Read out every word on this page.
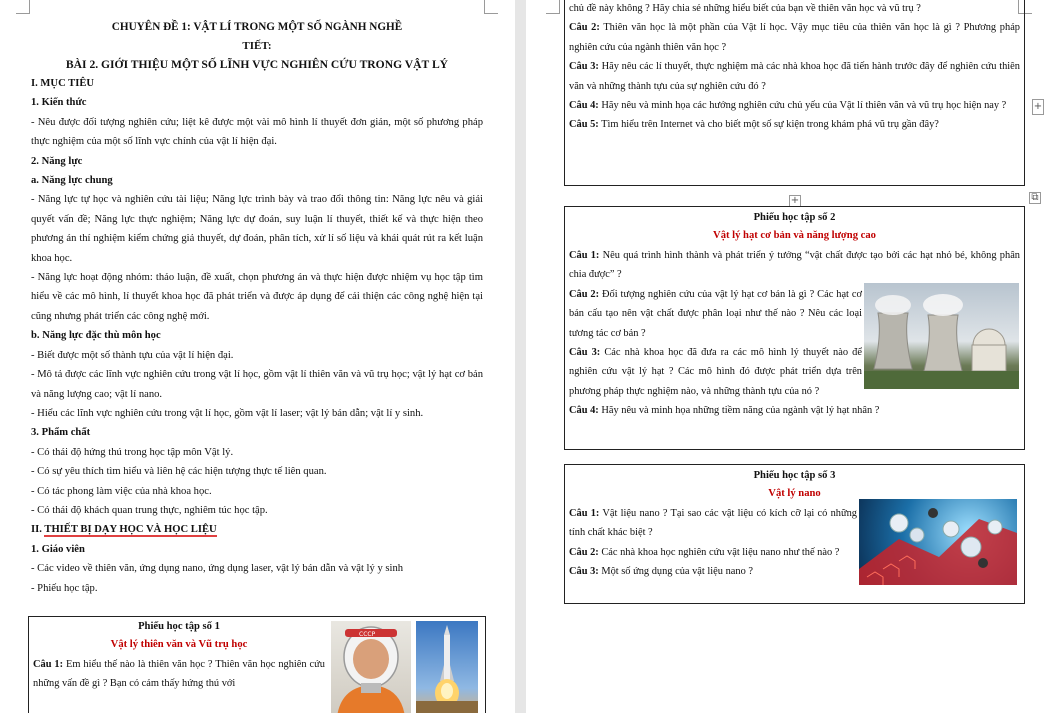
CHUYÊN ĐỀ 1: VẬT LÍ TRONG MỘT SỐ NGÀNH NGHỀ
TIẾT:
BÀI 2. GIỚI THIỆU MỘT SỐ LĨNH VỰC NGHIÊN CỨU TRONG VẬT LÝ
I. MỤC TIÊU
1. Kiến thức
- Nêu được đối tượng nghiên cứu; liệt kê được một vài mô hình lí thuyết đơn giản, một số phương pháp thực nghiệm của một số lĩnh vực chính của vật lí hiện đại.
2. Năng lực
a. Năng lực chung
- Năng lực tự học và nghiên cứu tài liệu; Năng lực trình bày và trao đổi thông tin: Năng lực nêu và giải quyết vấn đề; Năng lực thực nghiệm; Năng lực dự đoán, suy luận lí thuyết, thiết kế và thực hiện theo phương án thí nghiệm kiểm chứng giả thuyết, dự đoán, phân tích, xử lí số liệu và khái quát rút ra kết luận khoa học.
- Năng lực hoạt động nhóm: thảo luận, đề xuất, chọn phương án và thực hiện được nhiệm vụ học tập tìm hiểu về các mô hình, lí thuyết khoa học đã phát triển và được áp dụng để cải thiện các công nghệ hiện tại cũng nhưng phát triển các công nghệ mới.
b. Năng lực đặc thù môn học
- Biết được một số thành tựu của vật lí hiện đại.
- Mô tả được các lĩnh vực nghiên cứu trong vật lí học, gồm vật lí thiên văn và vũ trụ học; vật lý hạt cơ bản và năng lượng cao; vật lí nano.
- Hiểu các lĩnh vực nghiên cứu trong vật lí học, gồm vật lí laser; vật lý bán dẫn; vật lí y sinh.
3. Phẩm chất
- Có thái độ hứng thú trong học tập môn Vật lý.
- Có sự yêu thích tìm hiểu và liên hệ các hiện tượng thực tế liên quan.
- Có tác phong làm việc của nhà khoa học.
- Có thái độ khách quan trung thực, nghiêm túc học tập.
II. THIẾT BỊ DẠY HỌC VÀ HỌC LIỆU
1. Giáo viên
- Các video về thiên văn, ứng dụng nano, ứng dụng laser, vật lý bán dẫn và vật lý y sinh
- Phiếu học tập.
Phiếu học tập số 1
Vật lý thiên văn và Vũ trụ học
Câu 1: Em hiểu thế nào là thiên văn học ? Thiên văn học nghiên cứu những vấn đề gì ? Bạn có cảm thấy hứng thú với
CCCP
chủ đề này không ? Hãy chia sẻ những hiểu biết của bạn về thiên văn học và vũ trụ ?
Câu 2: Thiên văn học là một phần của Vật lí học. Vậy mục tiêu của thiên văn học là gì ? Phương pháp nghiên cứu của ngành thiên văn học ?
Câu 3: Hãy nêu các lí thuyết, thực nghiệm mà các nhà khoa học đã tiến hành trước đây để nghiên cứu thiên văn và những thành tựu của sự nghiên cứu đó ?
Câu 4: Hãy nêu và minh họa các hướng nghiên cứu chủ yếu của Vật lí thiên văn và vũ trụ học hiện nay ?
Câu 5: Tìm hiểu trên Internet và cho biết một số sự kiện trong khám phá vũ trụ gần đây?
+
+
⧉
Phiếu học tập số 2
Vật lý hạt cơ bản và năng lượng cao
Câu 1: Nêu quá trình hình thành và phát triển ý tưởng “vật chất được tạo bởi các hạt nhỏ bé, không phân chia được” ?
Câu 2: Đối tượng nghiên cứu của vật lý hạt cơ bản là gì ? Các hạt cơ bản cấu tạo nên vật chất được phân loại như thế nào ? Nêu các loại tương tác cơ bản ?
Câu 3: Các nhà khoa học đã đưa ra các mô hình lý thuyết nào để nghiên cứu vật lý hạt ? Các mô hình đó được phát triển dựa trên phương pháp thực nghiệm nào, và những thành tựu của nó ?
Câu 4: Hãy nêu và minh họa những tiềm năng của ngành vật lý hạt nhân ?
Phiếu học tập số 3
Vật lý nano
Câu 1: Vật liệu nano ? Tại sao các vật liệu có kích cỡ lại có những tính chất khác biệt ?
Câu 2: Các nhà khoa học nghiên cứu vật liệu nano như thế nào ?
Câu 3: Một số ứng dụng của vật liệu nano ?
